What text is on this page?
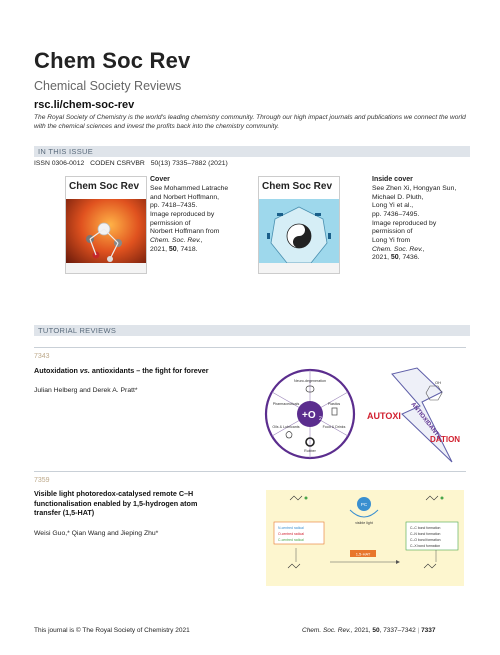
Chem Soc Rev
Chemical Society Reviews
rsc.li/chem-soc-rev
The Royal Society of Chemistry is the world's leading chemistry community. Through our high impact journals and publications we connect the world with the chemical sciences and invest the profits back into the chemistry community.
IN THIS ISSUE
ISSN 0306-0012 CODEN CSRVBR 50(13) 7335–7882 (2021)
Chem Soc Rev
Cover
See Mohammed Latrache
and Norbert Hoffmann,
pp. 7418–7435.
Image reproduced by
permission of
Norbert Hoffmann from
Chem. Soc. Rev.,
2021, 50, 7418.
Chem Soc Rev
Inside cover
See Zhen Xi, Hongyan Sun,
Michael D. Pluth,
Long Yi et al.,
pp. 7436–7495.
Image reproduced by
permission of
Long Yi from
Chem. Soc. Rev.,
2021, 50, 7436.
TUTORIAL REVIEWS
7343
Autoxidation vs. antioxidants – the fight for forever
Julian Helberg and Derek A. Pratt*
+O 2
Neuro-degeneration
Plastics
Food & Drinks
Rubber
Oils & Lubricants
Pharmaceuticals
AUTOXI
DATION
ANTIOXIDANTS
OH
7359
Visible light photoredox-catalysed remote C–H
functionalisation enabled by 1,5-hydrogen atom
transfer (1,5-HAT)
Weisi Guo,* Qian Wang and Jieping Zhu*
PC
visible light
N-centred radical
O-centred radical
C-centred radical
C–C bond formation
C–N bond formation
C–O bond formation
C–X bond formation
1,5-HAT
This journal is © The Royal Society of Chemistry 2021	Chem. Soc. Rev., 2021, 50, 7337–7342 | 7337
